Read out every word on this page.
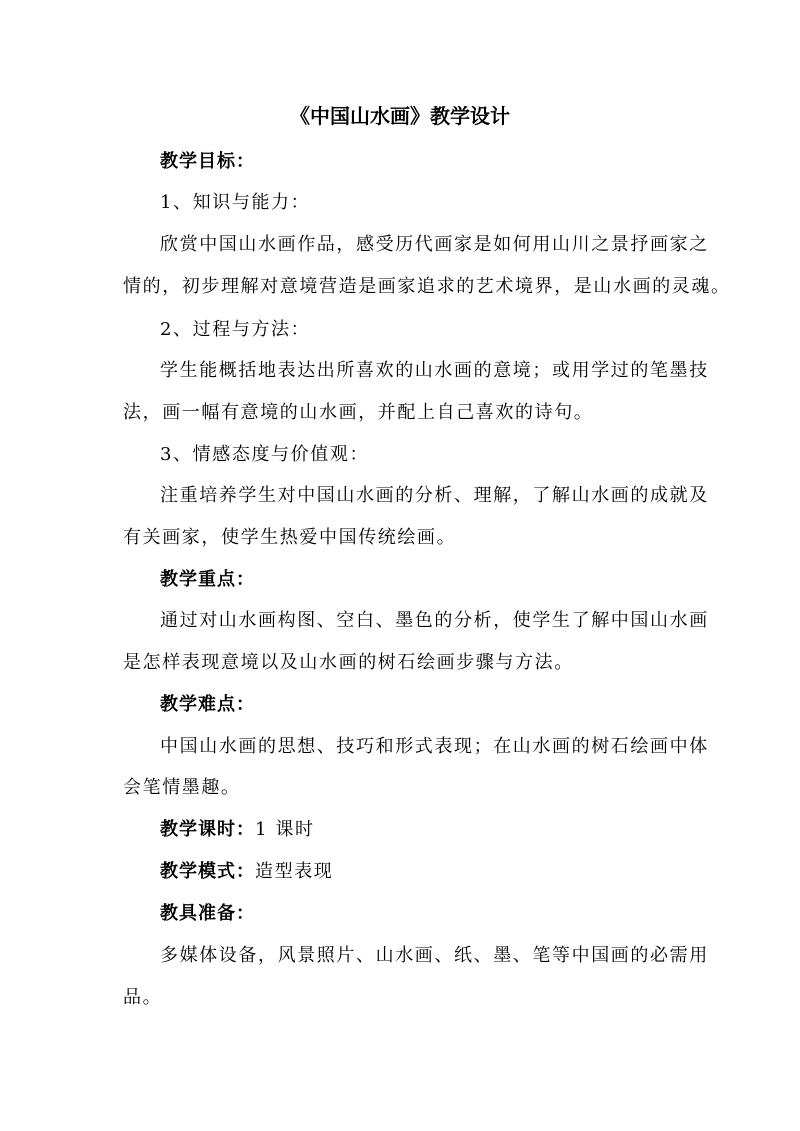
《中国山水画》教学设计

教学目标：

1、知识与能力：

欣赏中国山水画作品，感受历代画家是如何用山川之景抒画家之

情的，初步理解对意境营造是画家追求的艺术境界，是山水画的灵魂。

2、过程与方法：

学生能概括地表达出所喜欢的山水画的意境；或用学过的笔墨技

法，画一幅有意境的山水画，并配上自己喜欢的诗句。

3、情感态度与价值观：

注重培养学生对中国山水画的分析、理解，了解山水画的成就及

有关画家，使学生热爱中国传统绘画。

教学重点：

通过对山水画构图、空白、墨色的分析，使学生了解中国山水画

是怎样表现意境以及山水画的树石绘画步骤与方法。

教学难点：

中国山水画的思想、技巧和形式表现；在山水画的树石绘画中体

会笔情墨趣。

教学课时：1 课时

教学模式：造型表现

教具准备：

多媒体设备，风景照片、山水画、纸、墨、笔等中国画的必需用

品。
